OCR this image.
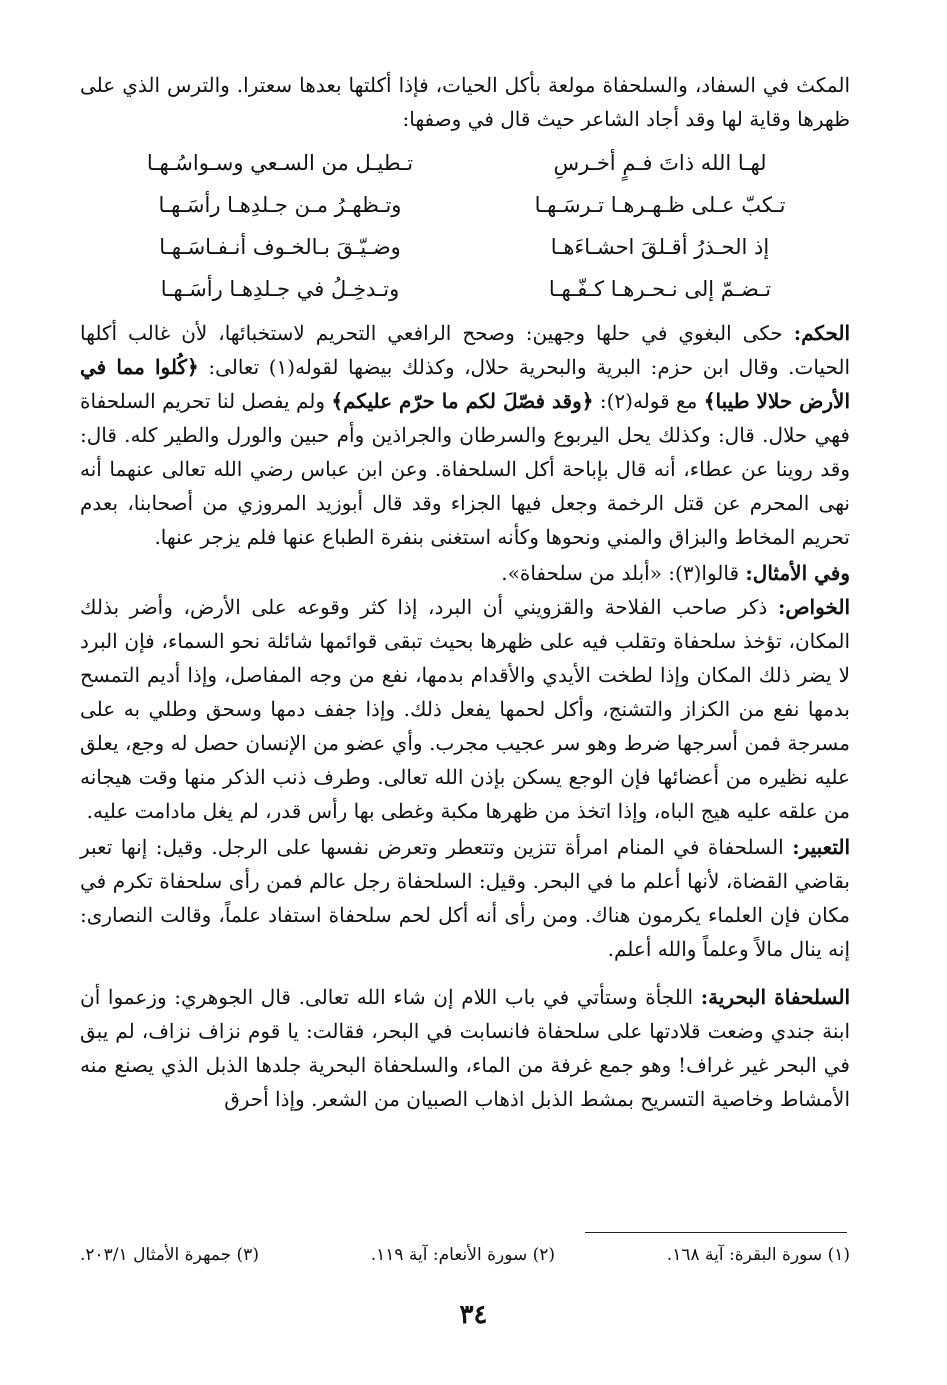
المكث في السفاد، والسلحفاة مولعة بأكل الحيات، فإذا أكلتها بعدها سعترا. والترس الذي على ظهرها وقاية لها وقد أجاد الشاعر حيث قال في وصفها:

لهـا الله ذاتَ فـمٍ أخـرسِ
تـطيـل من السـعي وسـواسُـهـا
تـكبّ عـلى ظـهـرهـا تـرسَـهـا
وتـظهـرُ مـن جـلدِهـا رأسَـهـا
إذ الحـذرُ أقـلقَ احشـاءَهـا
وضـيّـقَ بـالخـوف أنـفـاسَـهـا
تـضـمّ إلى نـحـرهـا كـفّـهـا
وتـدخِـلُ في جـلدِهـا رأسَـهـا

الحكم: حكى البغوي في حلها وجهين: وصحح الرافعي التحريم لاستخبائها، لأن غالب أكلها الحيات. وقال ابن حزم: البرية والبحرية حلال، وكذلك بيضها لقوله(١) تعالى: ﴿كُلوا مما في الأرض حلالا طيبا﴾ مع قوله(٢): ﴿وقد فصّلَ لكم ما حرّم عليكم﴾ ولم يفصل لنا تحريم السلحفاة فهي حلال. قال: وكذلك يحل اليربوع والسرطان والجراذين وأم حبين والورل والطير كله. قال: وقد روينا عن عطاء، أنه قال بإباحة أكل السلحفاة. وعن ابن عباس رضي الله تعالى عنهما أنه نهى المحرم عن قتل الرخمة وجعل فيها الجزاء وقد قال أبوزيد المروزي من أصحابنا، بعدم تحريم المخاط والبزاق والمني ونحوها وكأنه استغنى بنفرة الطباع عنها فلم يزجر عنها.

وفي الأمثال: قالوا(٣): «أبلد من سلحفاة».

الخواص: ذكر صاحب الفلاحة والقزويني أن البرد، إذا كثر وقوعه على الأرض، وأضر بذلك المكان، تؤخذ سلحفاة وتقلب فيه على ظهرها بحيث تبقى قوائمها شائلة نحو السماء، فإن البرد لا يضر ذلك المكان وإذا لطخت الأيدي والأقدام بدمها، نفع من وجه المفاصل، وإذا أديم التمسح بدمها نفع من الكزاز والتشنج، وأكل لحمها يفعل ذلك. وإذا جفف دمها وسحق وطلي به على مسرجة فمن أسرجها ضرط وهو سر عجيب مجرب. وأي عضو من الإنسان حصل له وجع، يعلق عليه نظيره من أعضائها فإن الوجع يسكن بإذن الله تعالى. وطرف ذنب الذكر منها وقت هيجانه من علقه عليه هيج الباه، وإذا اتخذ من ظهرها مكبة وغطى بها رأس قدر، لم يغل مادامت عليه.

التعبير: السلحفاة في المنام امرأة تتزين وتتعطر وتعرض نفسها على الرجل. وقيل: إنها تعبر بقاضي القضاة، لأنها أعلم ما في البحر. وقيل: السلحفاة رجل عالم فمن رأى سلحفاة تكرم في مكان فإن العلماء يكرمون هناك. ومن رأى أنه أكل لحم سلحفاة استفاد علماً، وقالت النصارى: إنه ينال مالاً وعلماً والله أعلم.

السلحفاة البحرية: اللجأة وستأتي في باب اللام إن شاء الله تعالى. قال الجوهري: وزعموا أن ابنة جندي وضعت قلادتها على سلحفاة فانسابت في البحر، فقالت: يا قوم نزاف نزاف، لم يبق في البحر غير غراف! وهو جمع غرفة من الماء، والسلحفاة البحرية جلدها الذبل الذي يصنع منه الأمشاط وخاصية التسريح بمشط الذبل اذهاب الصبيان من الشعر. وإذا أحرق

(١) سورة البقرة: آية ١٦٨.
(٢) سورة الأنعام: آية ١١٩.
(٣) جمهرة الأمثال ٢٠٣/١.
٣٤
